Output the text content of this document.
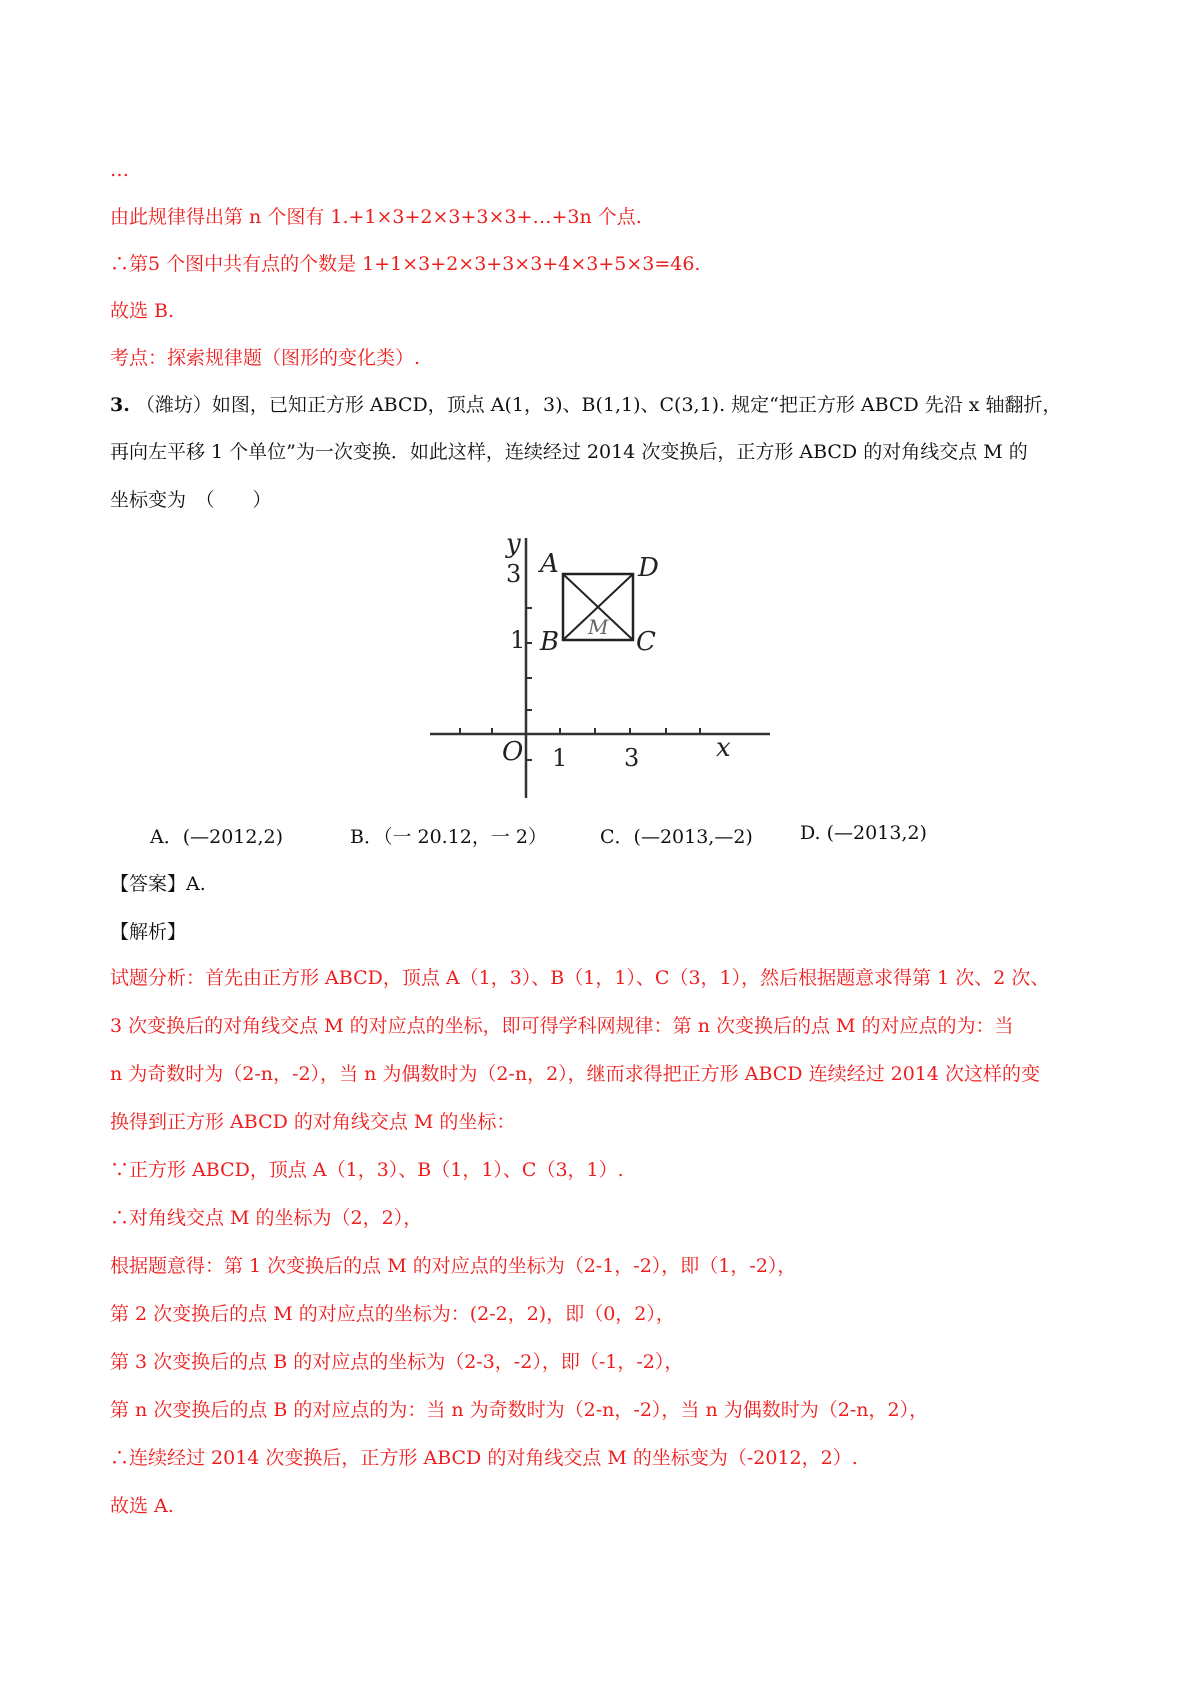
…
由此规律得出第 n 个图有 1.+1×3+2×3+3×3+…+3n 个点.
∴第5 个图中共有点的个数是 1+1×3+2×3+3×3+4×3+5×3=46.
故选 B.
考点：探索规律题（图形的变化类）.
3. （潍坊）如图，已知正方形 ABCD，顶点 A(1，3)、B(1,1)、C(3,1). 规定“把正方形 ABCD 先沿 x 轴翻折，
再向左平移 1 个单位”为一次变换．如此这样，连续经过 2014 次变换后，正方形 ABCD 的对角线交点 M 的
坐标变为　（　　）
y
x
O 1 3
1
3 A	D
B	C
M
A．(—2012,2)	B．（一 20.12，一 2）	C．(—2013,—2) D. (—2013,2)
【答案】A.
【解析】
试题分析：首先由正方形 ABCD，顶点 A（1，3）、B（1，1）、C（3，1），然后根据题意求得第 1 次、2 次、
3 次变换后的对角线交点 M 的对应点的坐标，即可得学科网规律：第 n 次变换后的点 M 的对应点的为：当
n 为奇数时为（2-n，-2），当 n 为偶数时为（2-n，2），继而求得把正方形 ABCD 连续经过 2014 次这样的变
换得到正方形 ABCD 的对角线交点 M 的坐标：
∵正方形 ABCD，顶点 A（1，3）、B（1，1）、C（3，1）.
∴对角线交点 M 的坐标为（2，2），
根据题意得：第 1 次变换后的点 M 的对应点的坐标为（2-1，-2），即（1，-2），
第 2 次变换后的点 M 的对应点的坐标为：(2-2，2)，即（0，2），
第 3 次变换后的点 B 的对应点的坐标为（2-3，-2），即（-1，-2），
第 n 次变换后的点 B 的对应点的为：当 n 为奇数时为（2-n，-2），当 n 为偶数时为（2-n，2），
∴连续经过 2014 次变换后，正方形 ABCD 的对角线交点 M 的坐标变为（-2012，2）.
故选 A.
